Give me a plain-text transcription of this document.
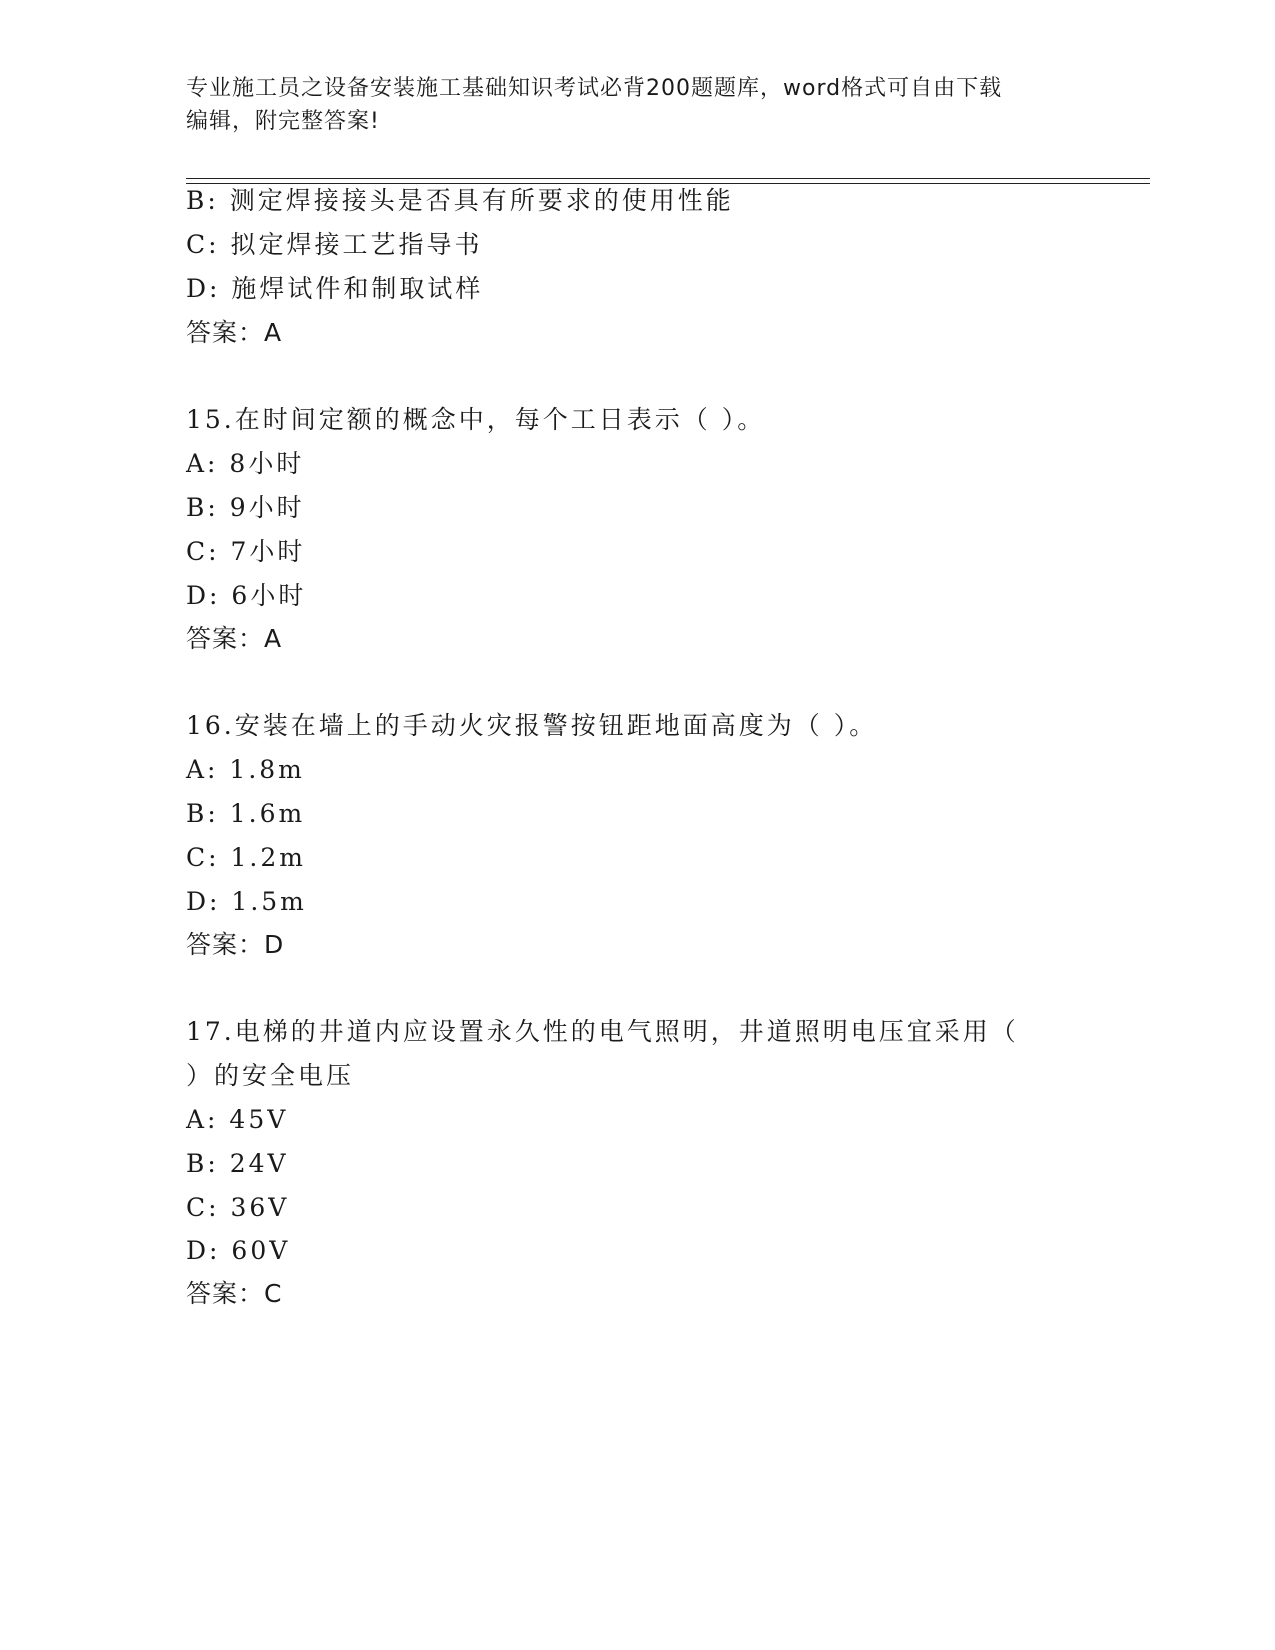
专业施工员之设备安装施工基础知识考试必背200题题库，word格式可自由下载
编辑，附完整答案!
B: 测定焊接接头是否具有所要求的使用性能
C: 拟定焊接工艺指导书
D: 施焊试件和制取试样
答案：A
15.在时间定额的概念中，每个工日表示（ ）。
A: 8小时
B: 9小时
C: 7小时
D: 6小时
答案：A
16.安装在墙上的手动火灾报警按钮距地面高度为（ ）。
A: 1.8m
B: 1.6m
C: 1.2m
D: 1.5m
答案：D
17.电梯的井道内应设置永久性的电气照明，井道照明电压宜采用（
）的安全电压
A: 45V
B: 24V
C: 36V
D: 60V
答案：C
